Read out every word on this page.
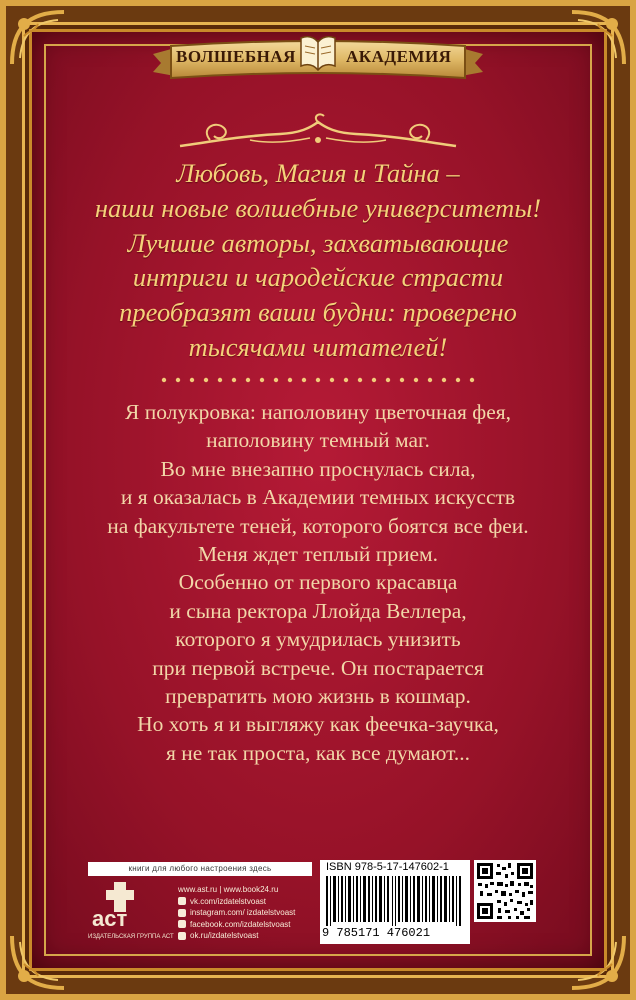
ВОЛШЕБНАЯ	АКАДЕМИЯ
Любовь, Магия и Тайна –
наши новые волшебные университеты!
Лучшие авторы, захватывающие
интриги и чародейские страсти
преобразят ваши будни: проверено
тысячами читателей!
Я полукровка: наполовину цветочная фея,
наполовину темный маг.
Во мне внезапно проснулась сила,
и я оказалась в Академии темных искусств
на факультете теней, которого боятся все феи.
Меня ждет теплый прием.
Особенно от первого красавца
и сына ректора Ллойда Веллера,
которого я умудрилась унизить
при первой встрече. Он постарается
превратить мою жизнь в кошмар.
Но хоть я и выгляжу как феечка-заучка,
я не так проста, как все думают...
книги для любого настроения здесь
аст
ИЗДАТЕЛЬСКАЯ ГРУППА АСТ
www.ast.ru | www.book24.ru
vk.com/izdatelstvoast
instagram.com/ izdatelstvoast
facebook.com/izdatelstvoast
ok.ru/izdatelstvoast
ISBN 978-5-17-147602-1
9 785171 476021
